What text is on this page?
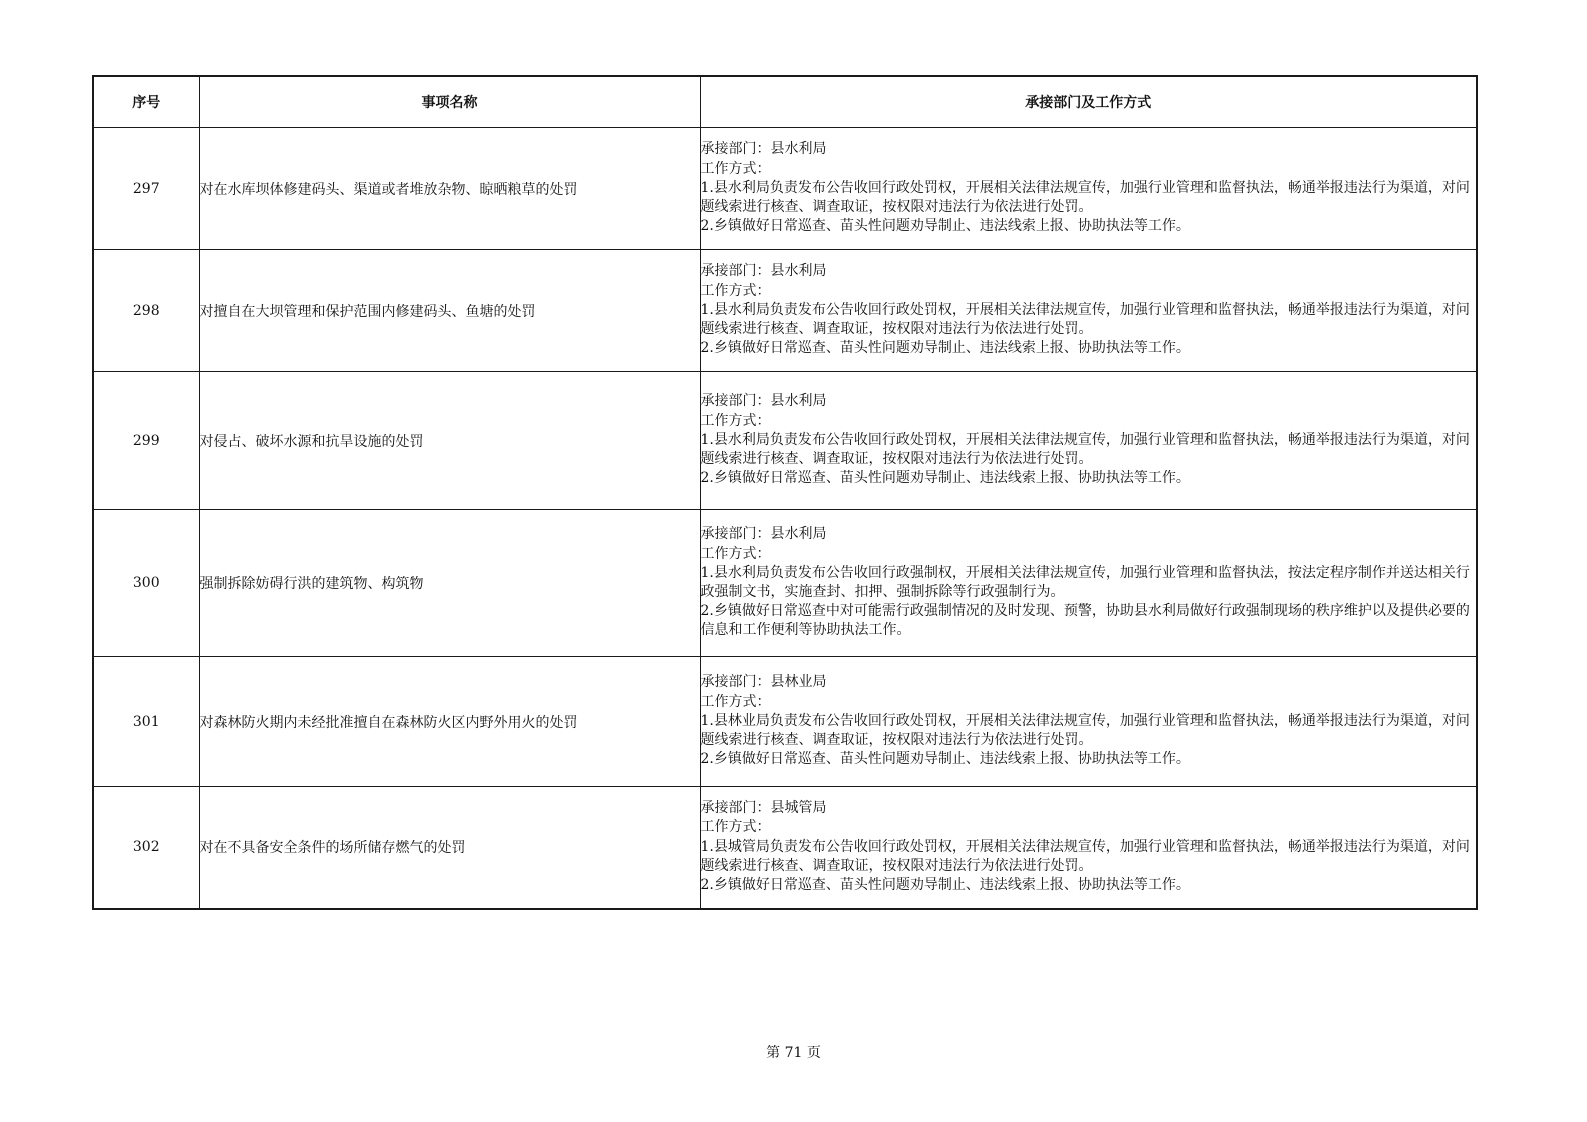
序号	事项名称	承接部门及工作方式
297	对在水库坝体修建码头、渠道或者堆放杂物、晾晒粮草的处罚	承接部门：县水利局
工作方式：
1.县水利局负责发布公告收回行政处罚权，开展相关法律法规宣传，加强行业管理和监督执法，畅通举报违法行为渠道，对问题线索进行核查、调查取证，按权限对违法行为依法进行处罚。
2.乡镇做好日常巡查、苗头性问题劝导制止、违法线索上报、协助执法等工作。

298	对擅自在大坝管理和保护范围内修建码头、鱼塘的处罚	承接部门：县水利局
工作方式：
1.县水利局负责发布公告收回行政处罚权，开展相关法律法规宣传，加强行业管理和监督执法，畅通举报违法行为渠道，对问题线索进行核查、调查取证，按权限对违法行为依法进行处罚。
2.乡镇做好日常巡查、苗头性问题劝导制止、违法线索上报、协助执法等工作。

299	对侵占、破坏水源和抗旱设施的处罚	承接部门：县水利局
工作方式：
1.县水利局负责发布公告收回行政处罚权，开展相关法律法规宣传，加强行业管理和监督执法，畅通举报违法行为渠道，对问题线索进行核查、调查取证，按权限对违法行为依法进行处罚。
2.乡镇做好日常巡查、苗头性问题劝导制止、违法线索上报、协助执法等工作。

300	强制拆除妨碍行洪的建筑物、构筑物	承接部门：县水利局
工作方式：
1.县水利局负责发布公告收回行政强制权，开展相关法律法规宣传，加强行业管理和监督执法，按法定程序制作并送达相关行政强制文书，实施查封、扣押、强制拆除等行政强制行为。
2.乡镇做好日常巡查中对可能需行政强制情况的及时发现、预警，协助县水利局做好行政强制现场的秩序维护以及提供必要的信息和工作便利等协助执法工作。

301	对森林防火期内未经批准擅自在森林防火区内野外用火的处罚	承接部门：县林业局
工作方式：
1.县林业局负责发布公告收回行政处罚权，开展相关法律法规宣传，加强行业管理和监督执法，畅通举报违法行为渠道，对问题线索进行核查、调查取证，按权限对违法行为依法进行处罚。
2.乡镇做好日常巡查、苗头性问题劝导制止、违法线索上报、协助执法等工作。

302	对在不具备安全条件的场所储存燃气的处罚	承接部门：县城管局
工作方式：
1.县城管局负责发布公告收回行政处罚权，开展相关法律法规宣传，加强行业管理和监督执法，畅通举报违法行为渠道，对问题线索进行核查、调查取证，按权限对违法行为依法进行处罚。
2.乡镇做好日常巡查、苗头性问题劝导制止、违法线索上报、协助执法等工作。
第 71 页
